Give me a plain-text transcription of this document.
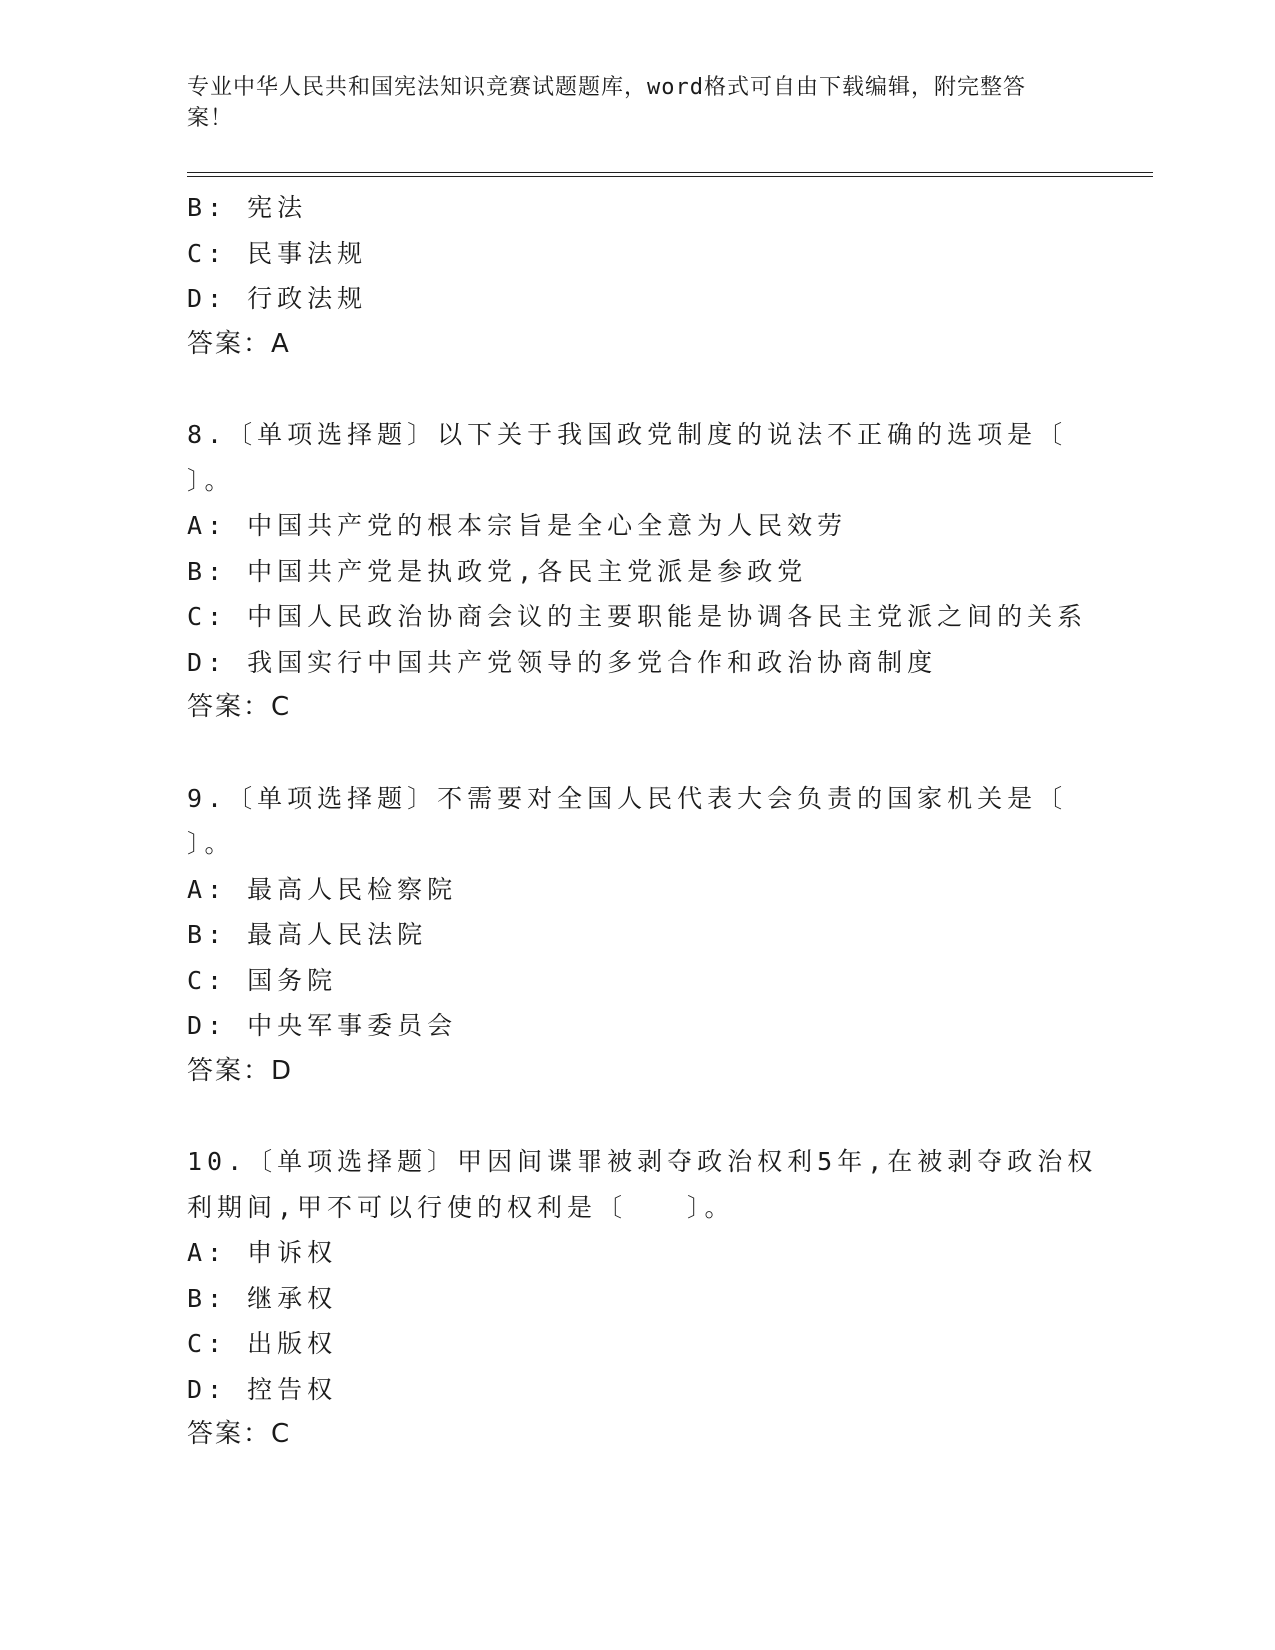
专业中华人民共和国宪法知识竞赛试题题库，word格式可自由下载编辑，附完整答案！
B: 宪法
C: 民事法规
D: 行政法规
答案：A
8.〔单项选择题〕以下关于我国政党制度的说法不正确的选项是〔
〕。
A: 中国共产党的根本宗旨是全心全意为人民效劳
B: 中国共产党是执政党,各民主党派是参政党
C: 中国人民政治协商会议的主要职能是协调各民主党派之间的关系
D: 我国实行中国共产党领导的多党合作和政治协商制度
答案：C
9.〔单项选择题〕不需要对全国人民代表大会负责的国家机关是〔
〕。
A: 最高人民检察院
B: 最高人民法院
C: 国务院
D: 中央军事委员会
答案：D
10.〔单项选择题〕甲因间谍罪被剥夺政治权利5年,在被剥夺政治权
利期间,甲不可以行使的权利是〔　　〕。
A: 申诉权
B: 继承权
C: 出版权
D: 控告权
答案：C
